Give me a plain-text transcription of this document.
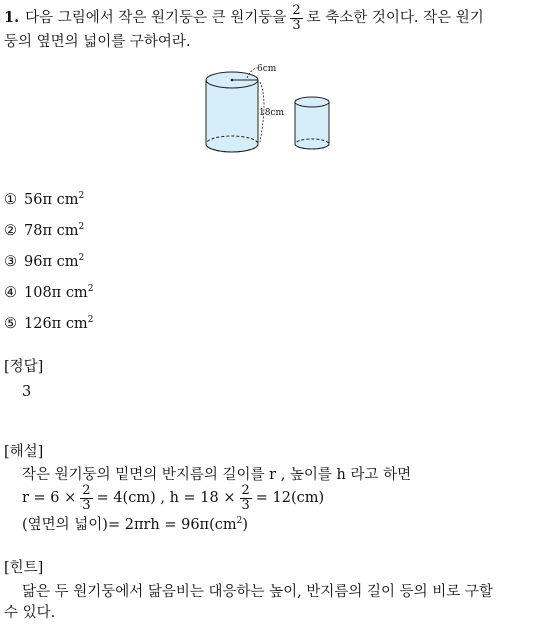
1. 다음 그림에서 작은 원기둥은 큰 원기둥을 $\frac{2}{3}$ 로 축소한 것이다. 작은 원기
둥의 옆면의 넓이를 구하여라.
6cm
18cm
① 56π $cm^2$
② 78π $cm^2$
③ 96π $cm^2$
④ 108π $cm^2$
⑤ 126π $cm^2$
[정답]
3
[해설]
작은 원기둥의 밑면의 반지름의 길이를 r , 높이를 h 라고 하면
$r = 6 \times \frac{2}{3} = 4(cm)$ , $h = 18 \times \frac{2}{3} = 12(cm)$
(옆면의 넓이)= $2\pi rh = 96\pi(cm^2)$
[힌트]
닮은 두 원기둥에서 닮음비는 대응하는 높이, 반지름의 길이 등의 비로 구할
수 있다.
